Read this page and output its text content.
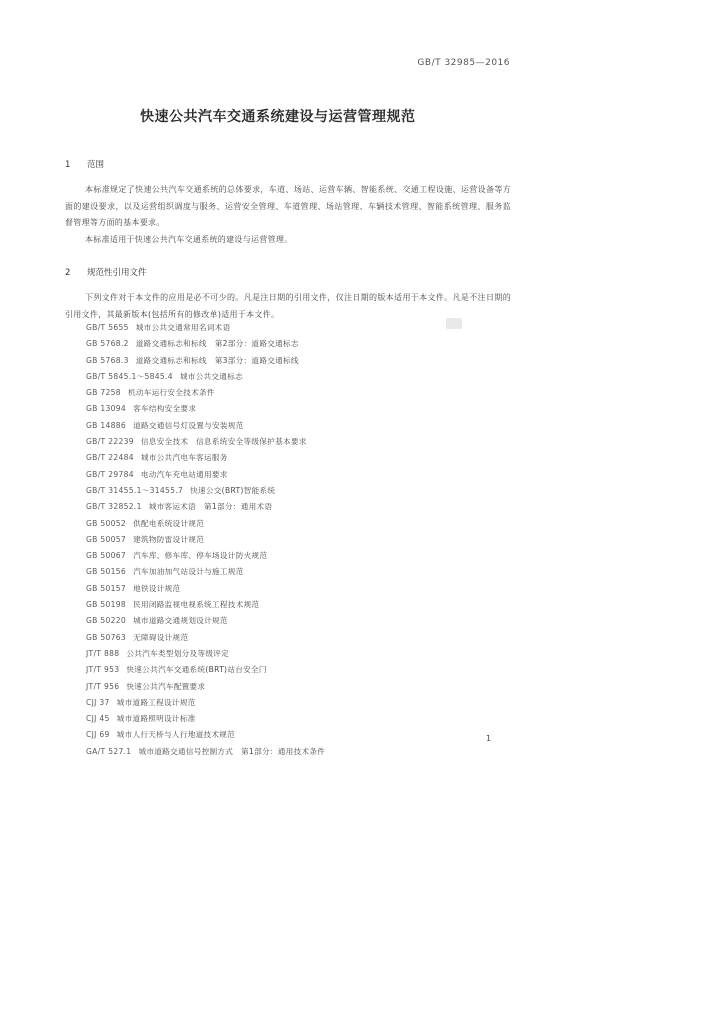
GB/T 32985—2016
快速公共汽车交通系统建设与运营管理规范
1 范围
本标准规定了快速公共汽车交通系统的总体要求，车道、场站、运营车辆、智能系统、交通工程设施、运营设备等方面的建设要求，以及运营组织调度与服务、运营安全管理、车道管理、场站管理、车辆技术管理、智能系统管理、服务监督管理等方面的基本要求。
本标准适用于快速公共汽车交通系统的建设与运营管理。
2 规范性引用文件
下列文件对于本文件的应用是必不可少的。凡是注日期的引用文件，仅注日期的版本适用于本文件。凡是不注日期的引用文件，其最新版本(包括所有的修改单)适用于本文件。
GB/T 5655 城市公共交通常用名词术语
GB 5768.2 道路交通标志和标线　第2部分：道路交通标志
GB 5768.3 道路交通标志和标线　第3部分：道路交通标线
GB/T 5845.1～5845.4 城市公共交通标志
GB 7258 机动车运行安全技术条件
GB 13094 客车结构安全要求
GB 14886 道路交通信号灯设置与安装规范
GB/T 22239 信息安全技术　信息系统安全等级保护基本要求
GB/T 22484 城市公共汽电车客运服务
GB/T 29784 电动汽车充电站通用要求
GB/T 31455.1～31455.7 快速公交(BRT)智能系统
GB/T 32852.1 城市客运术语　第1部分：通用术语
GB 50052 供配电系统设计规范
GB 50057 建筑物防雷设计规范
GB 50067 汽车库、修车库、停车场设计防火规范
GB 50156 汽车加油加气站设计与施工规范
GB 50157 地铁设计规范
GB 50198 民用闭路监视电视系统工程技术规范
GB 50220 城市道路交通规划设计规范
GB 50763 无障碍设计规范
JT/T 888 公共汽车类型划分及等级评定
JT/T 953 快速公共汽车交通系统(BRT)站台安全门
JT/T 956 快速公共汽车配置要求
CJJ 37 城市道路工程设计规范
CJJ 45 城市道路照明设计标准
CJJ 69 城市人行天桥与人行地道技术规范
GA/T 527.1 城市道路交通信号控制方式　第1部分：通用技术条件
1
